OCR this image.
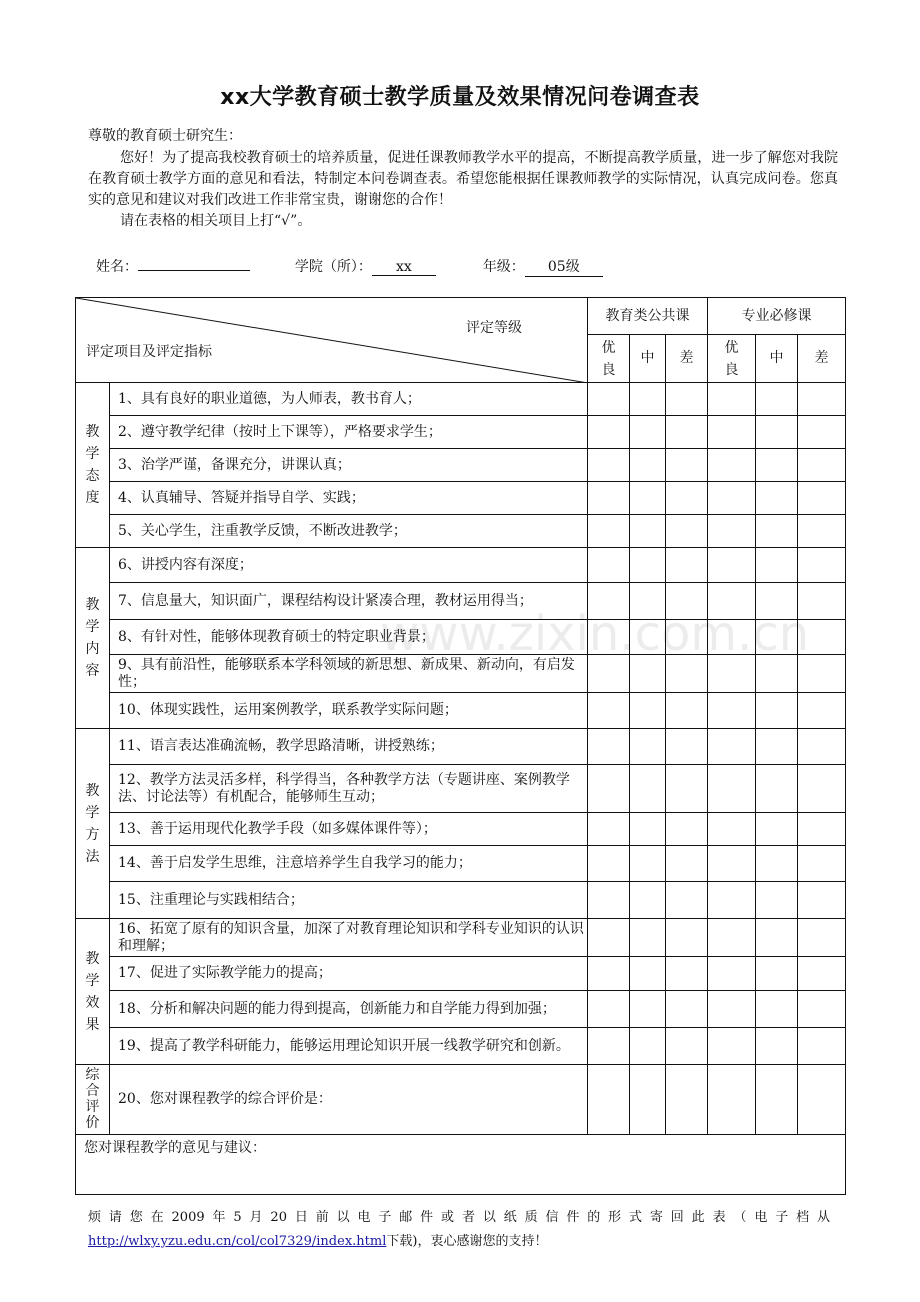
xx大学教育硕士教学质量及效果情况问卷调查表
尊敬的教育硕士研究生：
您好！为了提高我校教育硕士的培养质量，促进任课教师教学水平的提高，不断提高教学质量，进一步了解您对我院在教育硕士教学方面的意见和看法，特制定本问卷调查表。希望您能根据任课教师教学的实际情况，认真完成问卷。您真实的意见和建议对我们改进工作非常宝贵，谢谢您的合作！
请在表格的相关项目上打“√”。
姓名：	学院（所）： xx	年级： 05级
www.zixin.com.cn
评定等级
评定项目及评定指标		教育类公共课			专业必修课		
		优良	中	差	优良	中	差
教学态度	1、具有良好的职业道德，为人师表，教书育人；						
	2、遵守教学纪律（按时上下课等），严格要求学生；						
	3、治学严谨，备课充分，讲课认真；						
	4、认真辅导、答疑并指导自学、实践；						
	5、关心学生，注重教学反馈，不断改进教学；						
教学内容	6、讲授内容有深度；						
	7、信息量大，知识面广，课程结构设计紧凑合理，教材运用得当；						
	8、有针对性，能够体现教育硕士的特定职业背景；						
	9、具有前沿性，能够联系本学科领域的新思想、新成果、新动向，有启发性；						
	10、体现实践性，运用案例教学，联系教学实际问题；						
教学方法	11、语言表达准确流畅，教学思路清晰，讲授熟练；						
	12、教学方法灵活多样，科学得当，各种教学方法（专题讲座、案例教学法、讨论法等）有机配合，能够师生互动；						
	13、善于运用现代化教学手段（如多媒体课件等）；						
	14、善于启发学生思维，注意培养学生自我学习的能力；						
	15、注重理论与实践相结合；						
教学效果	16、拓宽了原有的知识含量，加深了对教育理论知识和学科专业知识的认识和理解；						
	17、促进了实际教学能力的提高；						
	18、分析和解决问题的能力得到提高，创新能力和自学能力得到加强；						
	19、提高了教学科研能力，能够运用理论知识开展一线教学研究和创新。						
综合评价	20、您对课程教学的综合评价是：						
您对课程教学的意见与建议：							
烦请您在2009年5月20日前以电子邮件或者以纸质信件的形式寄回此表（电子档从
http://wlxy.yzu.edu.cn/col/col7329/index.html下载)，衷心感谢您的支持！
